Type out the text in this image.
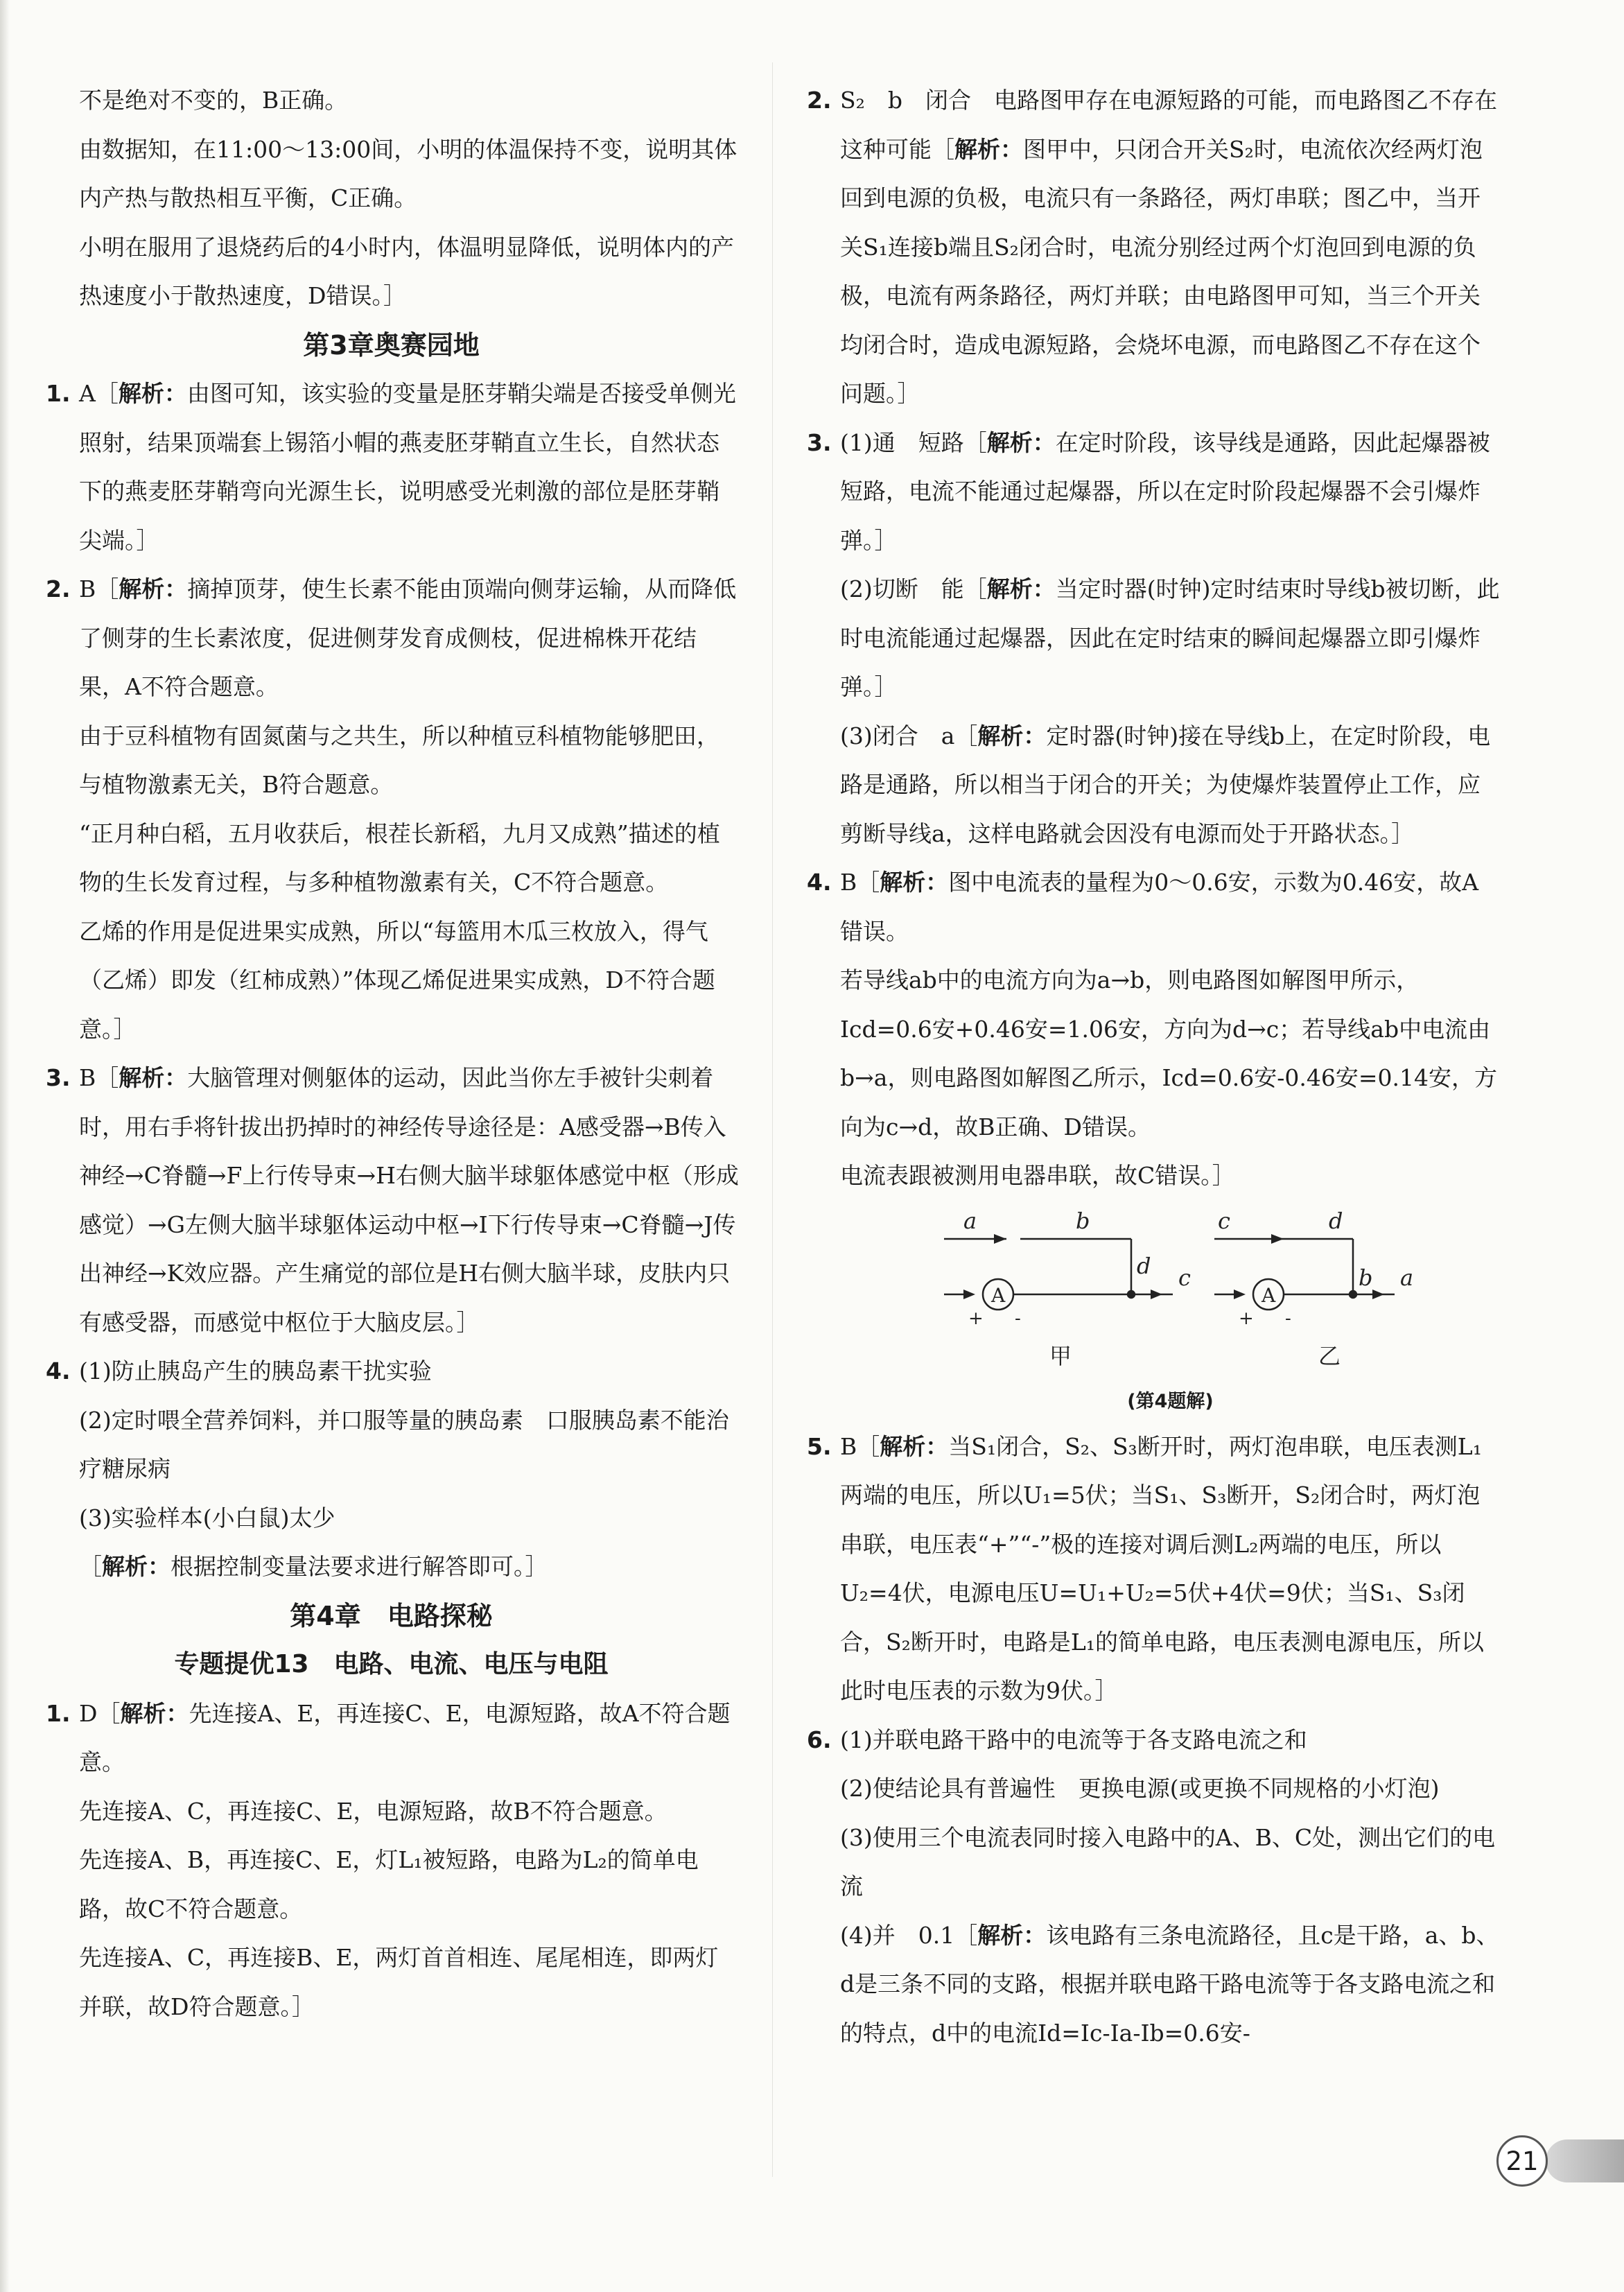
不是绝对不变的，B正确。

由数据知，在11:00～13:00间，小明的体温保持不变，说明其体内产热与散热相互平衡，C正确。

小明在服用了退烧药后的4小时内，体温明显降低，说明体内的产热速度小于散热速度，D错误。］

第3章奥赛园地
1. A［解析：由图可知，该实验的变量是胚芽鞘尖端是否接受单侧光照射，结果顶端套上锡箔小帽的燕麦胚芽鞘直立生长，自然状态下的燕麦胚芽鞘弯向光源生长，说明感受光刺激的部位是胚芽鞘尖端。］
2. B［解析：摘掉顶芽，使生长素不能由顶端向侧芽运输，从而降低了侧芽的生长素浓度，促进侧芽发育成侧枝，促进棉株开花结果，A不符合题意。

由于豆科植物有固氮菌与之共生，所以种植豆科植物能够肥田，与植物激素无关，B符合题意。

“正月种白稻，五月收获后，根茬长新稻，九月又成熟”描述的植物的生长发育过程，与多种植物激素有关，C不符合题意。

乙烯的作用是促进果实成熟，所以“每篮用木瓜三枚放入，得气（乙烯）即发（红柿成熟）”体现乙烯促进果实成熟，D不符合题意。］

3. B［解析：大脑管理对侧躯体的运动，因此当你左手被针尖刺着时，用右手将针拔出扔掉时的神经传导途径是：A感受器→B传入神经→C脊髓→F上行传导束→H右侧大脑半球躯体感觉中枢（形成感觉）→G左侧大脑半球躯体运动中枢→I下行传导束→C脊髓→J传出神经→K效应器。产生痛觉的部位是H右侧大脑半球，皮肤内只有感受器，而感觉中枢位于大脑皮层。］
4. (1)防止胰岛产生的胰岛素干扰实验

(2)定时喂全营养饲料，并口服等量的胰岛素　口服胰岛素不能治疗糖尿病

(3)实验样本(小白鼠)太少

［解析：根据控制变量法要求进行解答即可。］

第4章　电路探秘
专题提优13　电路、电流、电压与电阻
1. D［解析：先连接A、E，再连接C、E，电源短路，故A不符合题意。

先连接A、C，再连接C、E，电源短路，故B不符合题意。

先连接A、B，再连接C、E，灯L₁被短路，电路为L₂的简单电路，故C不符合题意。

先连接A、C，再连接B、E，两灯首首相连、尾尾相连，即两灯并联，故D符合题意。］

2. S₂　b　闭合　电路图甲存在电源短路的可能，而电路图乙不存在这种可能［解析：图甲中，只闭合开关S₂时，电流依次经两灯泡回到电源的负极，电流只有一条路径，两灯串联；图乙中，当开关S₁连接b端且S₂闭合时，电流分别经过两个灯泡回到电源的负极，电流有两条路径，两灯并联；由电路图甲可知，当三个开关均闭合时，造成电源短路，会烧坏电源，而电路图乙不存在这个问题。］
3. (1)通　短路［解析：在定时阶段，该导线是通路，因此起爆器被短路，电流不能通过起爆器，所以在定时阶段起爆器不会引爆炸弹。］

(2)切断　能［解析：当定时器(时钟)定时结束时导线b被切断，此时电流能通过起爆器，因此在定时结束的瞬间起爆器立即引爆炸弹。］

(3)闭合　a［解析：定时器(时钟)接在导线b上，在定时阶段，电路是通路，所以相当于闭合的开关；为使爆炸装置停止工作，应剪断导线a，这样电路就会因没有电源而处于开路状态。］

4. B［解析：图中电流表的量程为0～0.6安，示数为0.46安，故A错误。

若导线ab中的电流方向为a→b，则电路图如解图甲所示，Icd=0.6安+0.46安=1.06安，方向为d→c；若导线ab中电流由b→a，则电路图如解图乙所示，Icd=0.6安-0.46安=0.14安，方向为c→d，故B正确、D错误。

电流表跟被测用电器串联，故C错误。］

a	b
d c
A
+ -
甲
c	d
b a
A
+ -
乙
(第4题解)
5. B［解析：当S₁闭合，S₂、S₃断开时，两灯泡串联，电压表测L₁两端的电压，所以U₁=5伏；当S₁、S₃断开，S₂闭合时，两灯泡串联，电压表“+”“-”极的连接对调后测L₂两端的电压，所以U₂=4伏，电源电压U=U₁+U₂=5伏+4伏=9伏；当S₁、S₃闭合，S₂断开时，电路是L₁的简单电路，电压表测电源电压，所以此时电压表的示数为9伏。］
6. (1)并联电路干路中的电流等于各支路电流之和

(2)使结论具有普遍性　更换电源(或更换不同规格的小灯泡)

(3)使用三个电流表同时接入电路中的A、B、C处，测出它们的电流

(4)并　0.1［解析：该电路有三条电流路径，且c是干路，a、b、d是三条不同的支路，根据并联电路干路电流等于各支路电流之和的特点，d中的电流Id=Ic-Ia-Ib=0.6安-

21
